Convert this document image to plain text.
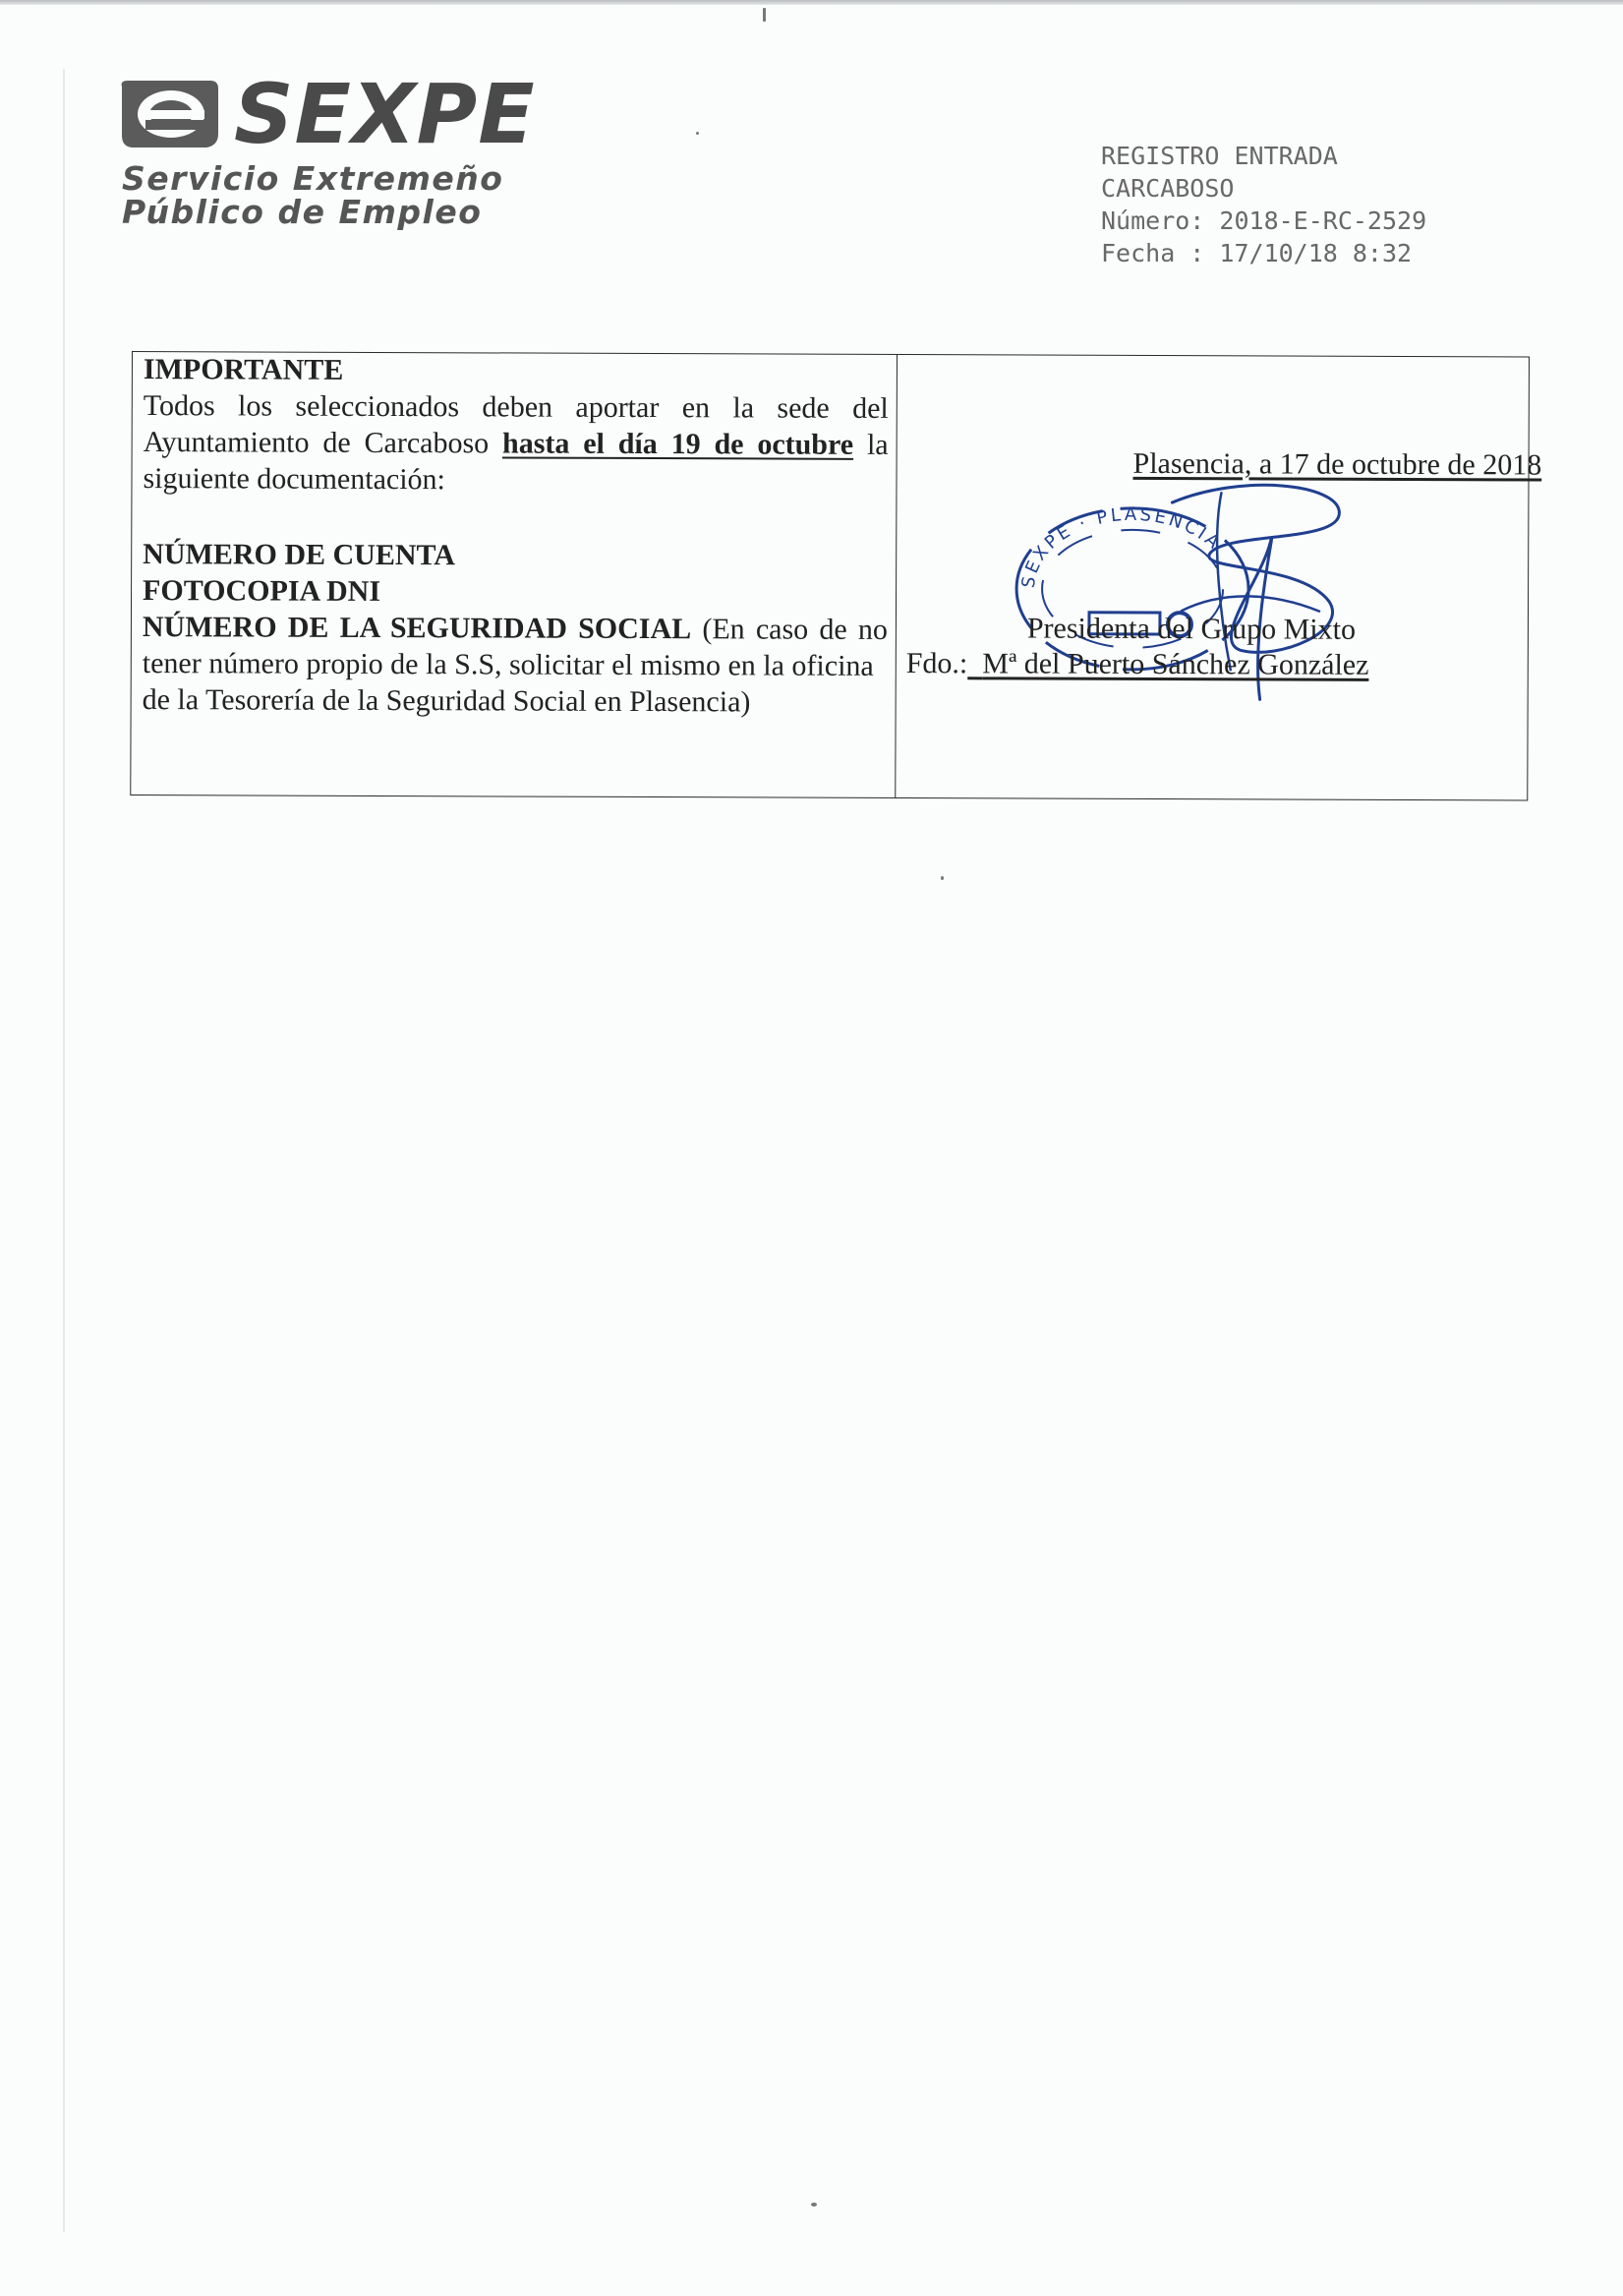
SEXPE
Servicio Extremeño
Público de Empleo
REGISTRO ENTRADA
CARCABOSO
Número: 2018-E-RC-2529
Fecha : 17/10/18 8:32

IMPORTANTE

Todos los seleccionados deben aportar en la sede del

Ayuntamiento de Carcaboso hasta el día 19 de octubre la

siguiente documentación:

NÚMERO DE CUENTA

FOTOCOPIA DNI

NÚMERO DE LA SEGURIDAD SOCIAL (En caso de no

tener número propio de la S.S, solicitar el mismo en la oficina

de la Tesorería de la Seguridad Social en Plasencia)

Plasencia, a 17 de octubre de 2018
SEXPE · PLASENCIA
Presidenta del Grupo Mixto
Fdo.: Mª del Puerto Sánchez González
